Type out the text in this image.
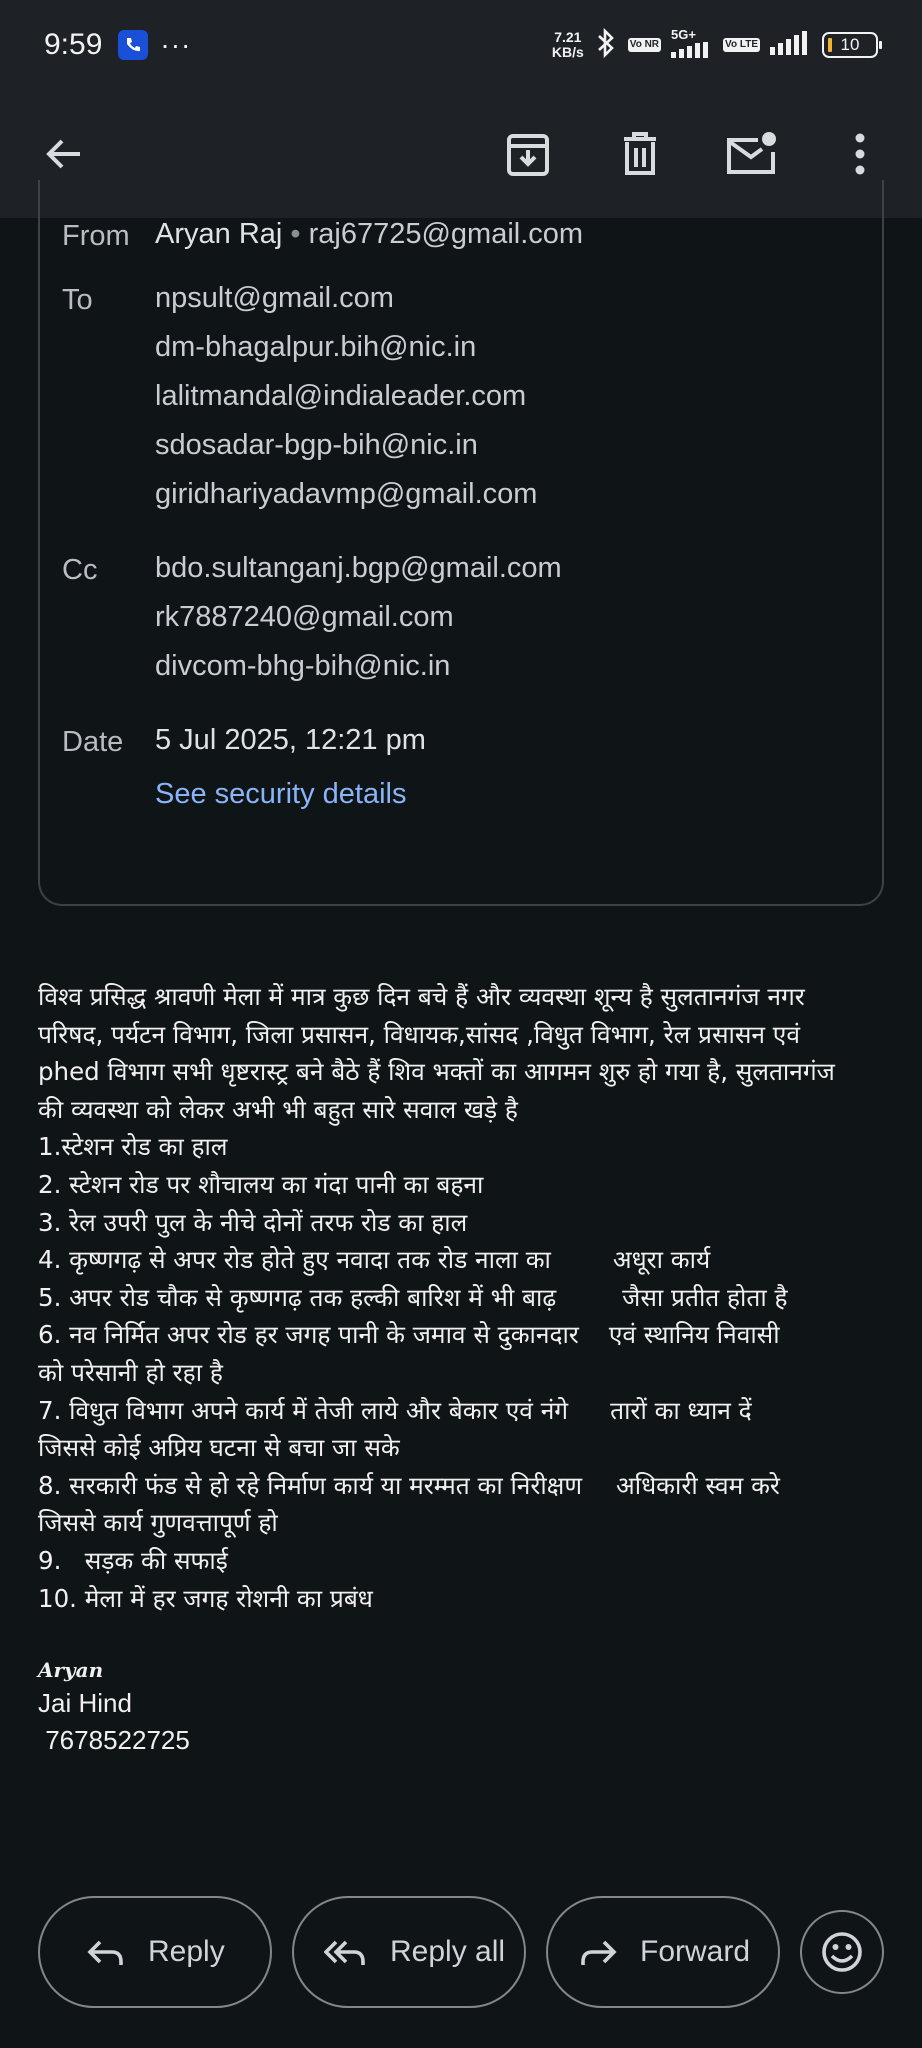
9:59 ···	7.21
KB/s	Vo NR
5G+
Vo LTE	10
From Aryan Raj • raj67725@gmail.com
To npsult@gmail.com
dm-bhagalpur.bih@nic.in
lalitmandal@indialeader.com
sdosadar-bgp-bih@nic.in
giridhariyadavmp@gmail.com
Cc bdo.sultanganj.bgp@gmail.com
rk7887240@gmail.com
divcom-bhg-bih@nic.in
Date 5 Jul 2025, 12:21 pm
See security details
विश्व प्रसिद्ध श्रावणी मेला में मात्र कुछ दिन बचे हैं और व्यवस्था शून्य है सुलतानगंज नगर
परिषद, पर्यटन विभाग, जिला प्रसासन, विधायक,सांसद ,विधुत विभाग, रेल प्रसासन एवं
phed विभाग सभी धृष्टरास्ट्र बने बैठे हैं शिव भक्तों का आगमन शुरु हो गया है, सुलतानगंज
की व्यवस्था को लेकर अभी भी बहुत सारे सवाल खड़े है
1.स्टेशन रोड का हाल
2. स्टेशन रोड पर शौचालय का गंदा पानी का बहना
3. रेल उपरी पुल के नीचे दोनों तरफ रोड का हाल
4. कृष्णगढ़ से अपर रोड होते हुए नवादा तक रोड नाला का	अधूरा कार्य
5. अपर रोड चौक से कृष्णगढ़ तक हल्की बारिश में भी बाढ़	जैसा प्रतीत होता है
6. नव निर्मित अपर रोड हर जगह पानी के जमाव से दुकानदार एवं स्थानिय निवासी
को परेसानी हो रहा है
7. विधुत विभाग अपने कार्य में तेजी लाये और बेकार एवं नंगे तारों का ध्यान दें
जिससे कोई अप्रिय घटना से बचा जा सके
8. सरकारी फंड से हो रहे निर्माण कार्य या मरम्मत का निरीक्षण अधिकारी स्वम करे
जिससे कार्य गुणवत्तापूर्ण हो
9.   सड़क की सफाई
10. मेला में हर जगह रोशनी का प्रबंध
Aryan
Jai Hind
7678522725
Reply	Reply all	Forward
